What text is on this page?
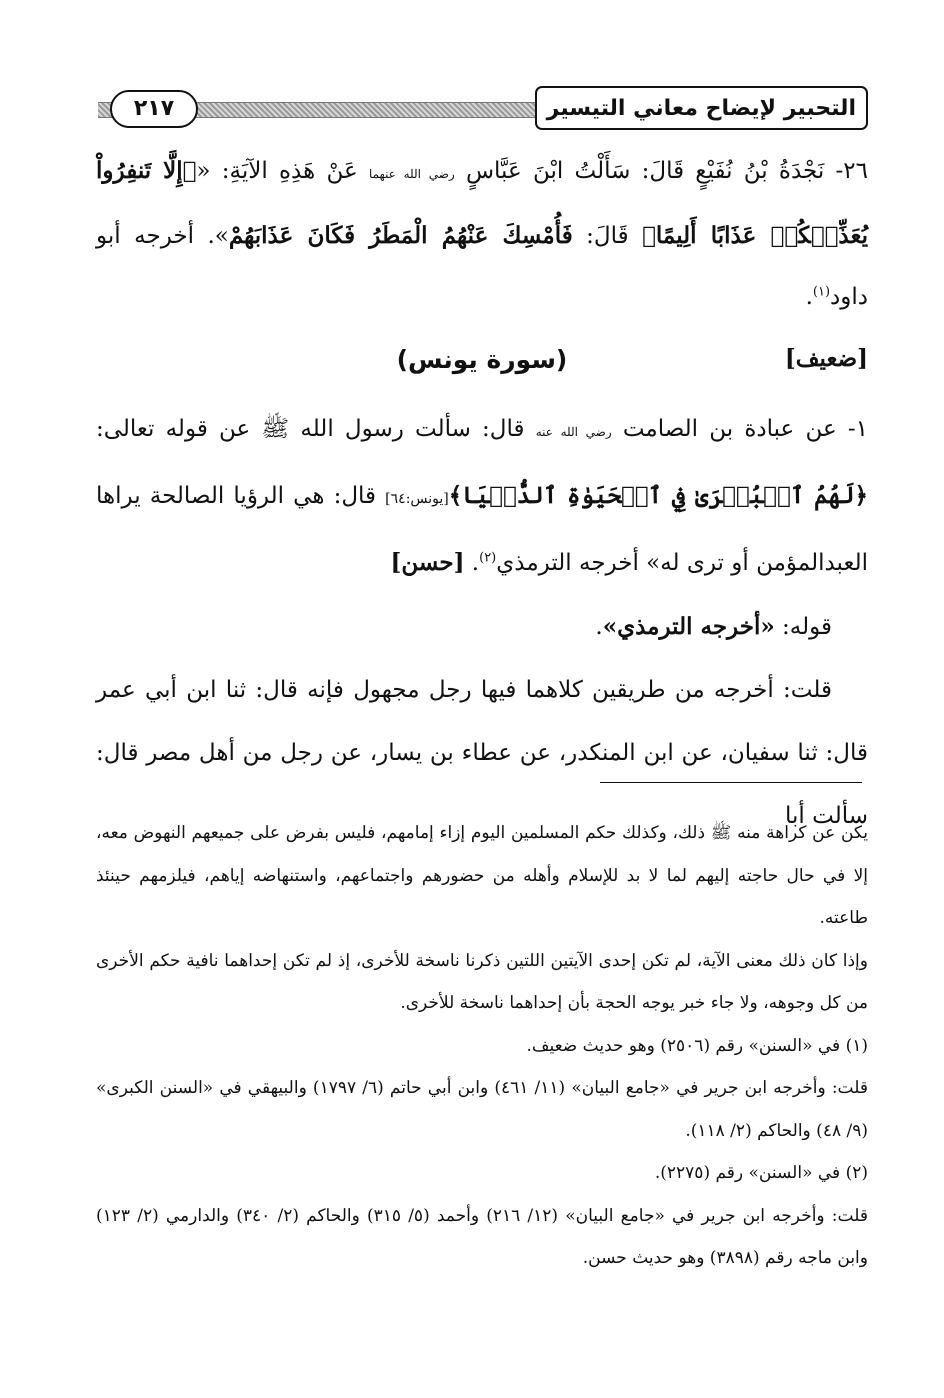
٢١٧	التحبير لإيضاح معاني التيسير

٢٦- نَجْدَةُ بْنُ نُفَيْعٍ قَالَ: سَأَلْتُ ابْنَ عَبَّاسٍ رضي الله عنهما عَنْ هَذِهِ الآيَةِ: «﴿إِلَّا تَنفِرُواْ يُعَذِّبۡكُمۡ عَذَابًا أَلِيمًا﴾ قَالَ: فَأُمْسِكَ عَنْهُمُ الْمَطَرُ فَكَانَ عَذَابَهُمْ». أخرجه أبو داود$^{(١)}$.

[ضعيف]

(سورة يونس)

١- عن عبادة بن الصامت رضي الله عنه قال: سألت رسول الله ﷺ عن قوله تعالى: ﴿لَهُمُ ٱلۡبُشۡرَىٰ فِي ٱلۡحَيَوٰةِ ٱلدُّنۡيَا﴾[يونس:٦٤] قال: هي الرؤيا الصالحة يراها العبدالمؤمن أو ترى له» أخرجه الترمذي$^{(٢)}$. [حسن]

قوله: «أخرجه الترمذي».

قلت: أخرجه من طريقين كلاهما فيها رجل مجهول فإنه قال: ثنا ابن أبي عمر قال: ثنا سفيان، عن ابن المنكدر، عن عطاء بن يسار، عن رجل من أهل مصر قال: سألت أبا

يكن عن كراهة منه ﷺ ذلك، وكذلك حكم المسلمين اليوم إزاء إمامهم، فليس بفرض على جميعهم النهوض معه، إلا في حال حاجته إليهم لما لا بد للإسلام وأهله من حضورهم واجتماعهم، واستنهاضه إياهم، فيلزمهم حينئذ طاعته.

وإذا كان ذلك معنى الآية، لم تكن إحدى الآيتين اللتين ذكرنا ناسخة للأخرى، إذ لم تكن إحداهما نافية حكم الأخرى من كل وجوهه، ولا جاء خبر يوجه الحجة بأن إحداهما ناسخة للأخرى.

(١) في «السنن» رقم (٢٥٠٦) وهو حديث ضعيف.

قلت: وأخرجه ابن جرير في «جامع البيان» (١١/ ٤٦١) وابن أبي حاتم (٦/ ١٧٩٧) والبيهقي في «السنن الكبرى» (٩/ ٤٨) والحاكم (٢/ ١١٨).

(٢) في «السنن» رقم (٢٢٧٥).

قلت: وأخرجه ابن جرير في «جامع البيان» (١٢/ ٢١٦) وأحمد (٥/ ٣١٥) والحاكم (٢/ ٣٤٠) والدارمي (٢/ ١٢٣) وابن ماجه رقم (٣٨٩٨) وهو حديث حسن.
